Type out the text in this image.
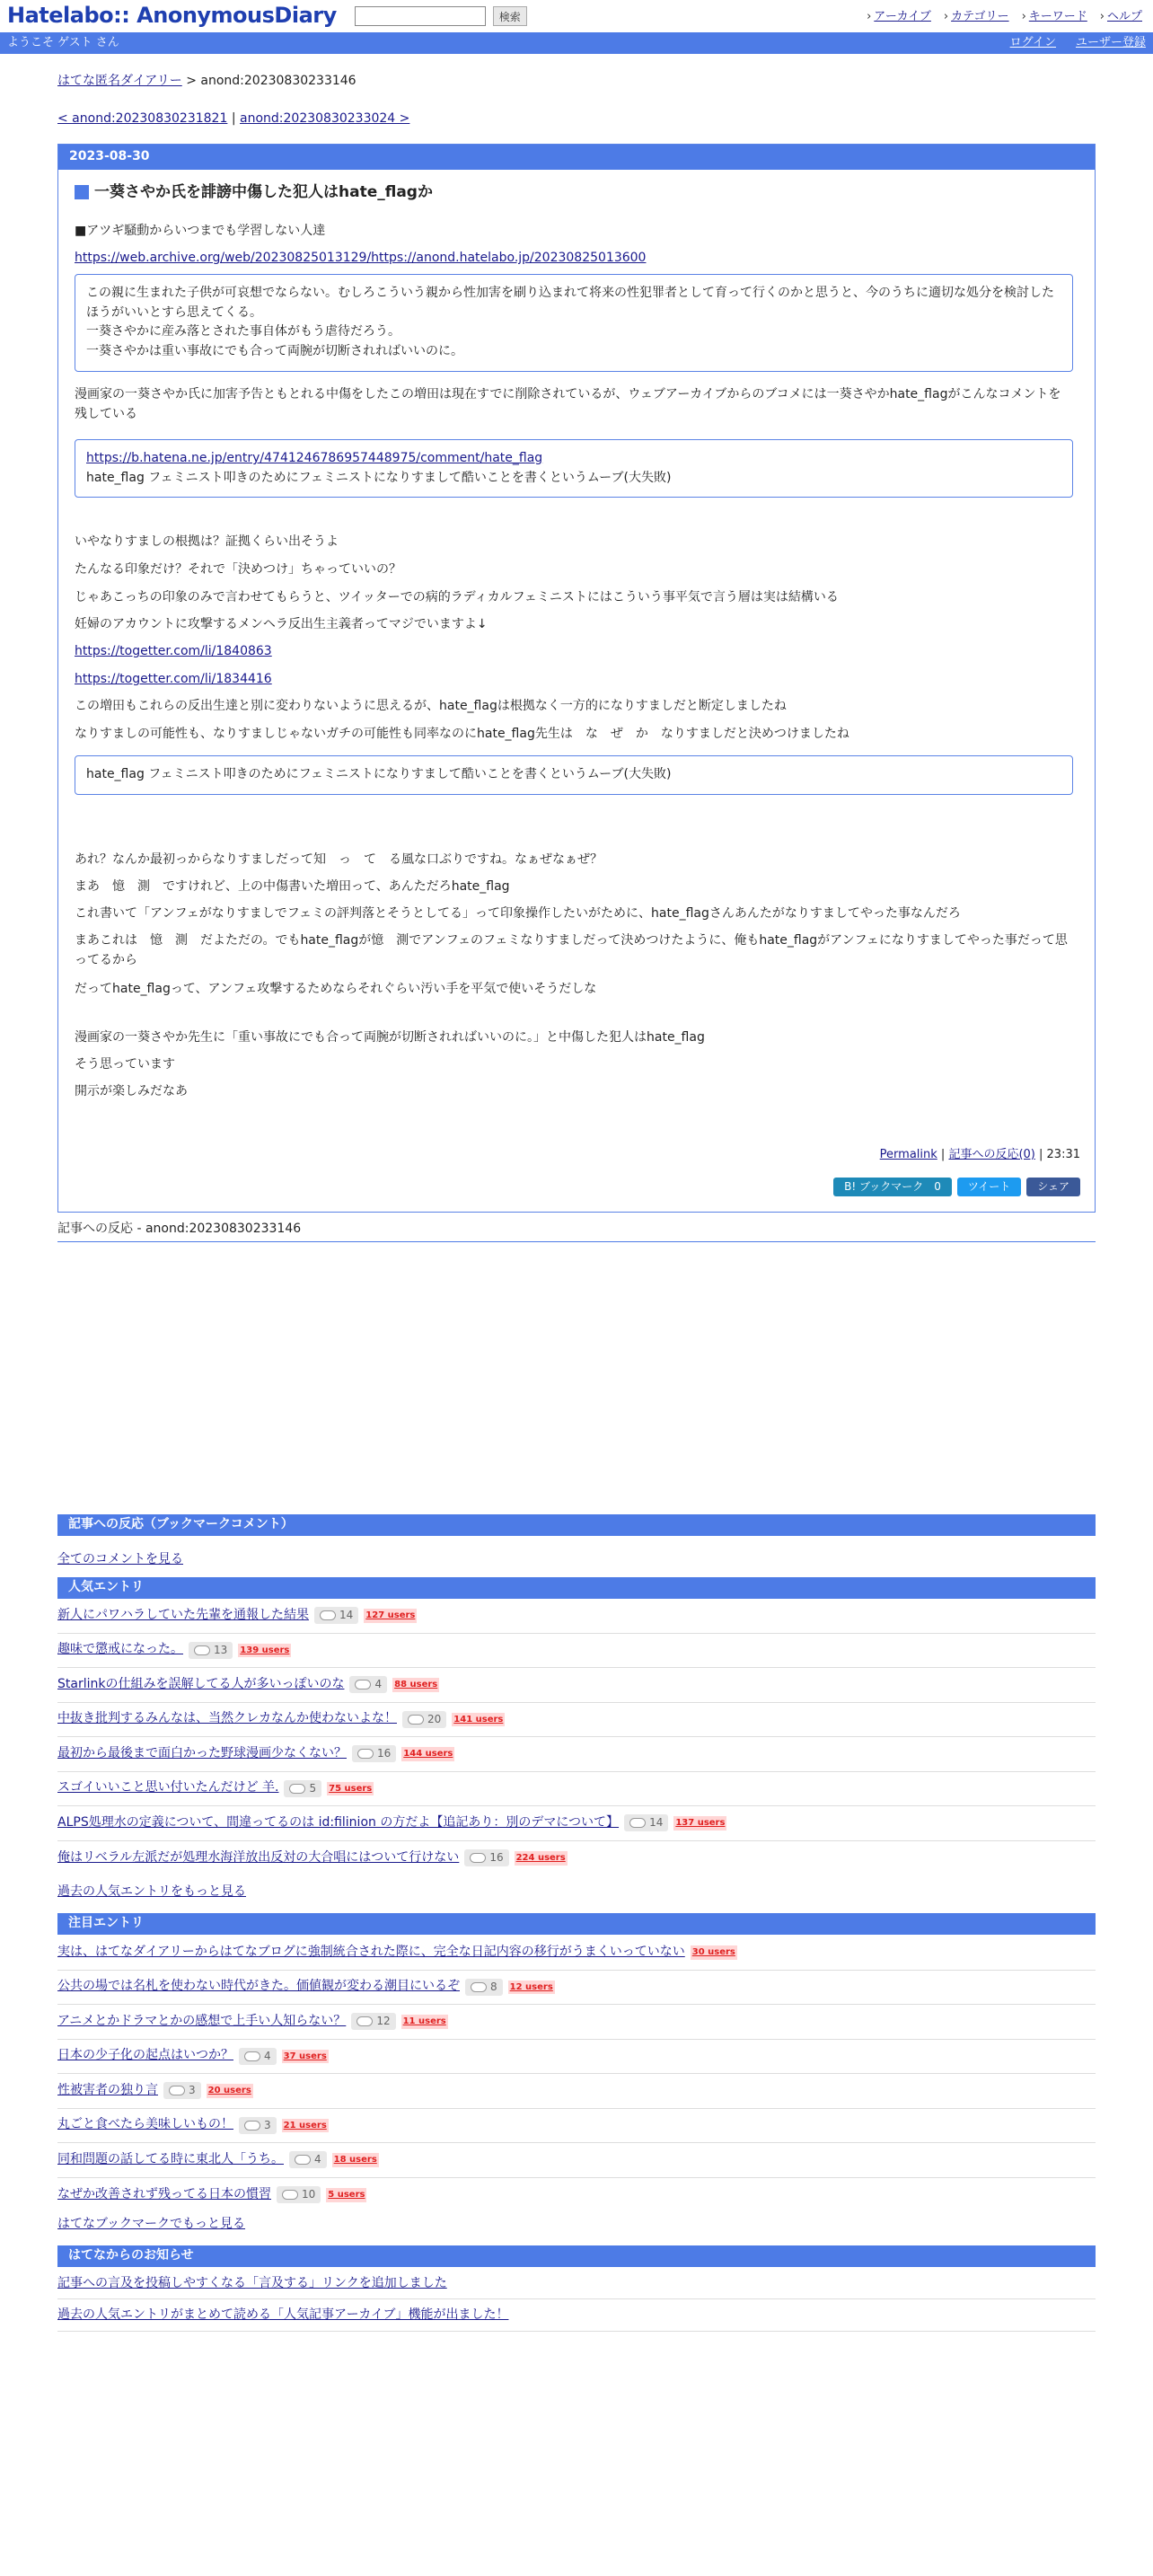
Hatelabo:: AnonymousDiary	検索	› アーカイブ	› カテゴリー	› キーワード	› ヘルプ
ようこそ ゲスト さん	ログイン ユーザー登録
はてな匿名ダイアリー > anond:20230830233146
< anond:20230830231821 | anond:20230830233024 >
2023-08-30
一葵さやか氏を誹謗中傷した犯人はhate_flagか

■アツギ騒動からいつまでも学習しない人達

https://web.archive.org/web/20230825013129/https://anond.hatelabo.jp/20230825013600

この親に生まれた子供が可哀想でならない。むしろこういう親から性加害を刷り込まれて将来の性犯罪者として育って行くのかと思うと、今のうちに適切な処分を検討したほうがいいとすら思えてくる。

一葵さやかに産み落とされた事自体がもう虐待だろう。

一葵さやかは重い事故にでも合って両腕が切断されればいいのに。

漫画家の一葵さやか氏に加害予告ともとれる中傷をしたこの増田は現在すでに削除されているが、ウェブアーカイブからのブコメには一葵さやかhate_flagがこんなコメントを残している

https://b.hatena.ne.jp/entry/4741246786957448975/comment/hate_flag

hate_flag フェミニスト叩きのためにフェミニストになりすまして酷いことを書くというムーブ(大失敗)

いやなりすましの根拠は？証拠くらい出そうよ

たんなる印象だけ？それで「決めつけ」ちゃっていいの？

じゃあこっちの印象のみで言わせてもらうと、ツイッターでの病的ラディカルフェミニストにはこういう事平気で言う層は実は結構いる

妊婦のアカウントに攻撃するメンヘラ反出生主義者ってマジでいますよ↓

https://togetter.com/li/1840863
https://togetter.com/li/1834416

この増田もこれらの反出生達と別に変わりないように思えるが、hate_flagは根拠なく一方的になりすましだと断定しましたね

なりすましの可能性も、なりすましじゃないガチの可能性も同率なのにhate_flag先生は　な　ぜ　か　なりすましだと決めつけましたね

hate_flag フェミニスト叩きのためにフェミニストになりすまして酷いことを書くというムーブ(大失敗)

あれ？なんか最初っからなりすましだって知　っ　て　る風な口ぶりですね。なぁぜなぁぜ？

まあ　憶　測　ですけれど、上の中傷書いた増田って、あんただろhate_flag

これ書いて「アンフェがなりすましでフェミの評判落とそうとしてる」って印象操作したいがために、hate_flagさんあんたがなりすましてやった事なんだろ

まあこれは　憶　測　だよただの。でもhate_flagが憶　測でアンフェのフェミなりすましだって決めつけたように、俺もhate_flagがアンフェになりすましてやった事だって思ってるから

だってhate_flagって、アンフェ攻撃するためならそれぐらい汚い手を平気で使いそうだしな

漫画家の一葵さやか先生に「重い事故にでも合って両腕が切断されればいいのに。」と中傷した犯人はhate_flag

そう思っています

開示が楽しみだなあ

Permalink | 記事への反応(0) | 23:31
B! ブックマーク　0	ツイート	シェア
記事への反応 - anond:20230830233146
記事への反応（ブックマークコメント）
全てのコメントを見る
人気エントリ
新人にパワハラしていた先輩を通報した結果	14 127 users
趣味で懲戒になった。	13 139 users
Starlinkの仕組みを誤解してる人が多いっぽいのな	4 88 users
中抜き批判するみんなは、当然クレカなんか使わないよな！	20 141 users
最初から最後まで面白かった野球漫画少なくない？	16 144 users
スゴイいいこと思い付いたんだけど 羊.	5 75 users
ALPS処理水の定義について、間違ってるのは id:filinion の方だよ【追記あり：別のデマについて】	14 137 users
俺はリベラル左派だが処理水海洋放出反対の大合唱にはついて行けない	16 224 users
過去の人気エントリをもっと見る
注目エントリ
実は、はてなダイアリーからはてなブログに強制統合された際に、完全な日記内容の移行がうまくいっていない 30 users
公共の場では名札を使わない時代がきた。価値観が変わる潮目にいるぞ	8 12 users
アニメとかドラマとかの感想で上手い人知らない？	12 11 users
日本の少子化の起点はいつか？	4 37 users
性被害者の独り言	3 20 users
丸ごと食べたら美味しいもの！	3 21 users
同和問題の話してる時に東北人「うち。	4 18 users
なぜか改善されず残ってる日本の慣習	10 5 users
はてなブックマークでもっと見る
はてなからのお知らせ
記事への言及を投稿しやすくなる「言及する」リンクを追加しました
過去の人気エントリがまとめて読める「人気記事アーカイブ」機能が出ました！
